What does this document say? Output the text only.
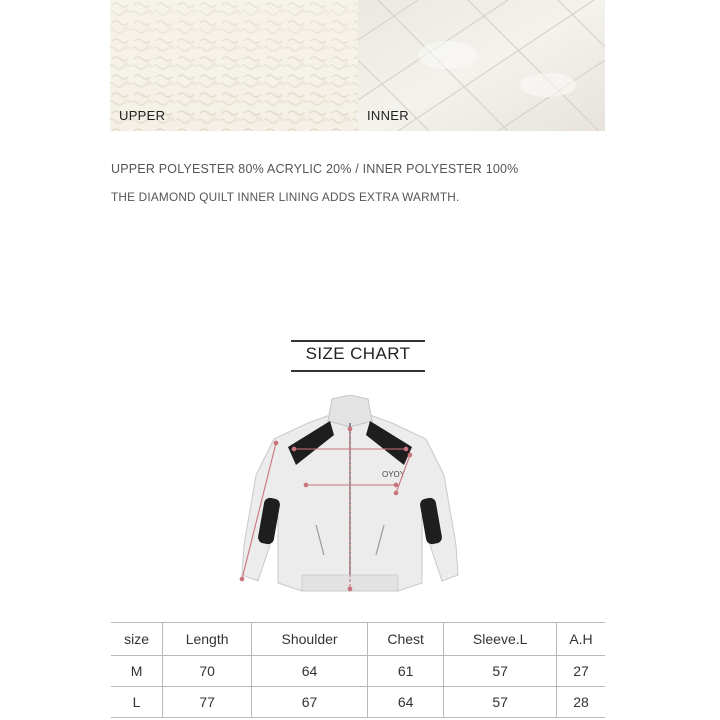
UPPER	INNER
UPPER POLYESTER 80% ACRYLIC 20% / INNER POLYESTER 100%
THE DIAMOND QUILT INNER LINING ADDS EXTRA WARMTH.
SIZE CHART
OYOY
size	Length	Shoulder	Chest	Sleeve.L	A.H
M	70	64	61	57	27
L	77	67	64	57	28
